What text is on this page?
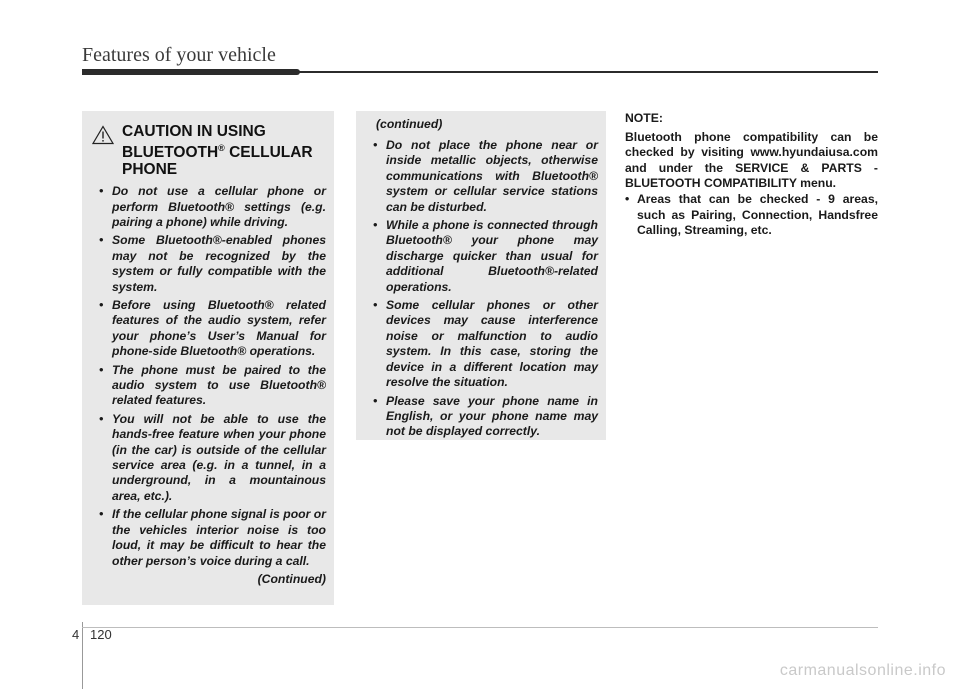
Features of your vehicle
CAUTION IN USING
BLUETOOTH® CELLULAR
PHONE
• Do not use a cellular phone or perform Bluetooth® settings (e.g. pairing a phone) while driving.
• Some Bluetooth®-enabled phones may not be recognized by the system or fully compatible with the system.
• Before using Bluetooth® related features of the audio system, refer your phone’s User’s Manual for phone-side Bluetooth® operations.
• The phone must be paired to the audio system to use Bluetooth® related features.
• You will not be able to use the hands-free feature when your phone (in the car) is outside of the cellular service area (e.g. in a tunnel, in a underground, in a mountainous area, etc.).
• If the cellular phone signal is poor or the vehicles interior noise is too loud, it may be difficult to hear the other person’s voice during a call.
(Continued)
(continued)
• Do not place the phone near or inside metallic objects, otherwise communications with Bluetooth® system or cellular service stations can be disturbed.
• While a phone is connected through Bluetooth® your phone may discharge quicker than usual for additional Bluetooth®-related operations.
• Some cellular phones or other devices may cause interference noise or malfunction to audio system. In this case, storing the device in a different location may resolve the situation.
• Please save your phone name in English, or your phone name may not be displayed correctly.
NOTE:
Bluetooth phone compatibility can be checked by visiting www.hyundaiusa.com and under the SERVICE & PARTS - BLUETOOTH COMPATIBILITY menu.
• Areas that can be checked - 9 areas, such as Pairing, Connection, Handsfree Calling, Streaming, etc.
4 120
carmanualsonline.info
